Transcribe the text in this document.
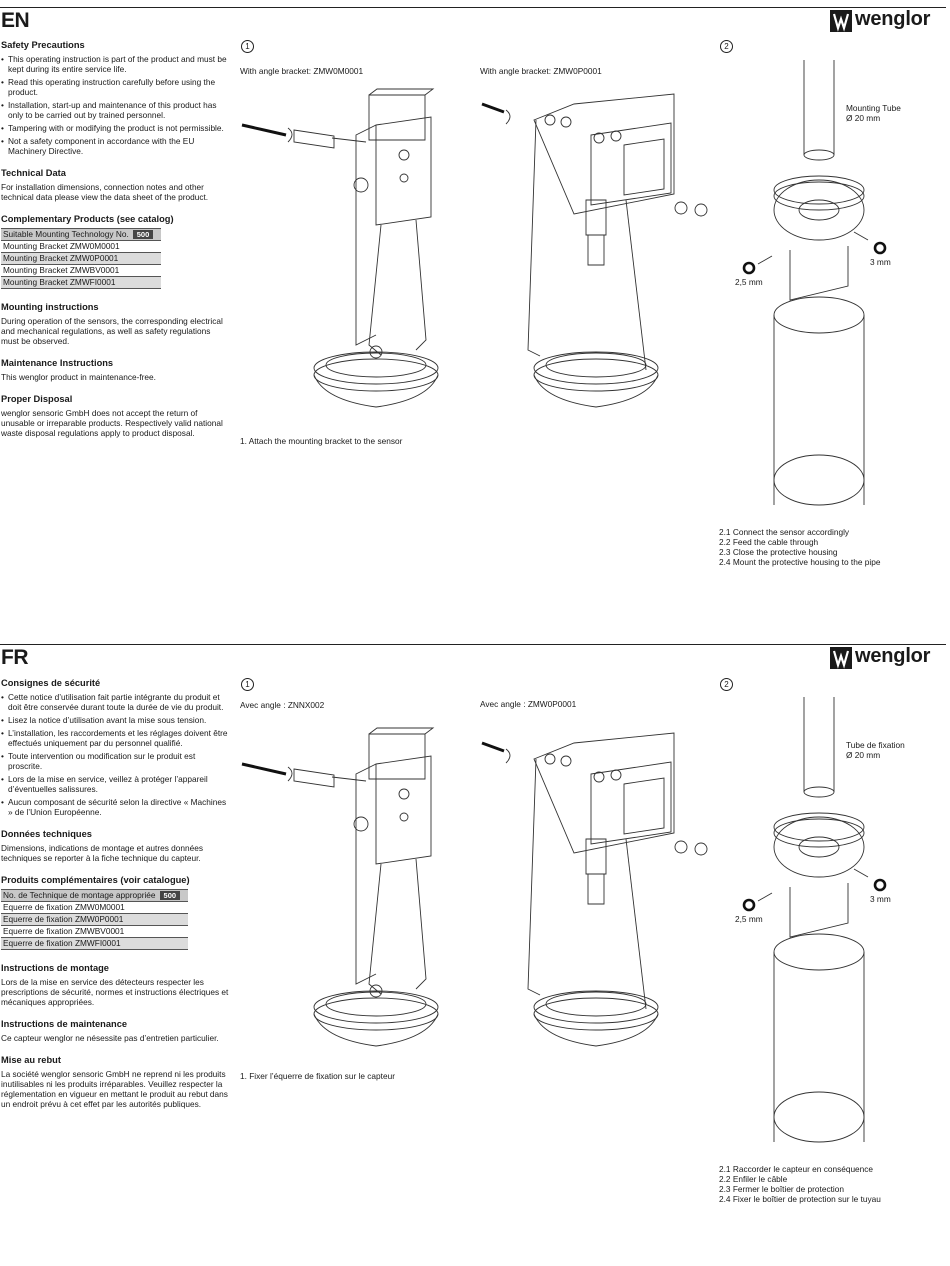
EN	wenglor
Safety Precautions
• This operating instruction is part of the product and must be kept during its entire service life.
• Read this operating instruction carefully before using the product.
• Installation, start-up and maintenance of this product has only to be carried out by trained personnel.
• Tampering with or modifying the product is not permissible.
• Not a safety component in accordance with the EU Machinery Directive.
Technical Data
For installation dimensions, connection notes and other technical data please view the data sheet of the product.
Complementary Products (see catalog)
Suitable Mounting Technology No. 500
Mounting Bracket ZMW0M0001
Mounting Bracket ZMW0P0001
Mounting Bracket ZMWBV0001
Mounting Bracket ZMWFI0001
Mounting instructions
During operation of the sensors, the corresponding electrical and mechanical regulations, as well as safety regulations must be observed.
Maintenance Instructions
This wenglor product in maintenance-free.
Proper Disposal
wenglor sensoric GmbH does not accept the return of unusable or irreparable products. Respectively valid national waste disposal regulations apply to product disposal.
1	2
With angle bracket: ZMW0M0001	With angle bracket: ZMW0P0001
1. Attach the mounting bracket to the sensor
Mounting Tube
Ø 20 mm
2,5 mm
3 mm
2.1 Connect the sensor accordingly
2.2 Feed the cable through
2.3 Close the protective housing
2.4 Mount the protective housing to the pipe
FR	wenglor
Consignes de sécurité
• Cette notice d’utilisation fait partie intégrante du produit et doit être conservée durant toute la durée de vie du produit.
• Lisez la notice d’utilisation avant la mise sous tension.
• L’installation, les raccordements et les réglages doivent être effectués uniquement par du personnel qualifié.
• Toute intervention ou modification sur le produit est proscrite.
• Lors de la mise en service, veillez à protéger l’appareil d’éventuelles salissures.
• Aucun composant de sécurité selon la directive « Machines » de l’Union Européenne.
Données techniques
Dimensions, indications de montage et autres données techniques se reporter à la fiche technique du capteur.
Produits complémentaires (voir catalogue)
No. de Technique de montage appropriée 500
Equerre de fixation ZMW0M0001
Equerre de fixation ZMW0P0001
Equerre de fixation ZMWBV0001
Equerre de fixation ZMWFI0001
Instructions de montage
Lors de la mise en service des détecteurs respecter les prescriptions de sécurité, normes et instructions électriques et mécaniques appropriées.
Instructions de maintenance
Ce capteur wenglor ne nésessite pas d’entretien particulier.
Mise au rebut
La société wenglor sensoric GmbH ne reprend ni les produits inutilisables ni les produits irréparables. Veuillez respecter la réglementation en vigueur en mettant le produit au rebut dans un endroit prévu à cet effet par les autorités publiques.
1	2
Avec angle : ZNNX002	Avec angle : ZMW0P0001
1. Fixer l’équerre de fixation sur le capteur
Tube de fixation
Ø 20 mm
2,5 mm
3 mm
2.1 Raccorder le capteur en conséquence
2.2 Enfiler le câble
2.3 Fermer le boîtier de protection
2.4 Fixer le boîtier de protection sur le tuyau
